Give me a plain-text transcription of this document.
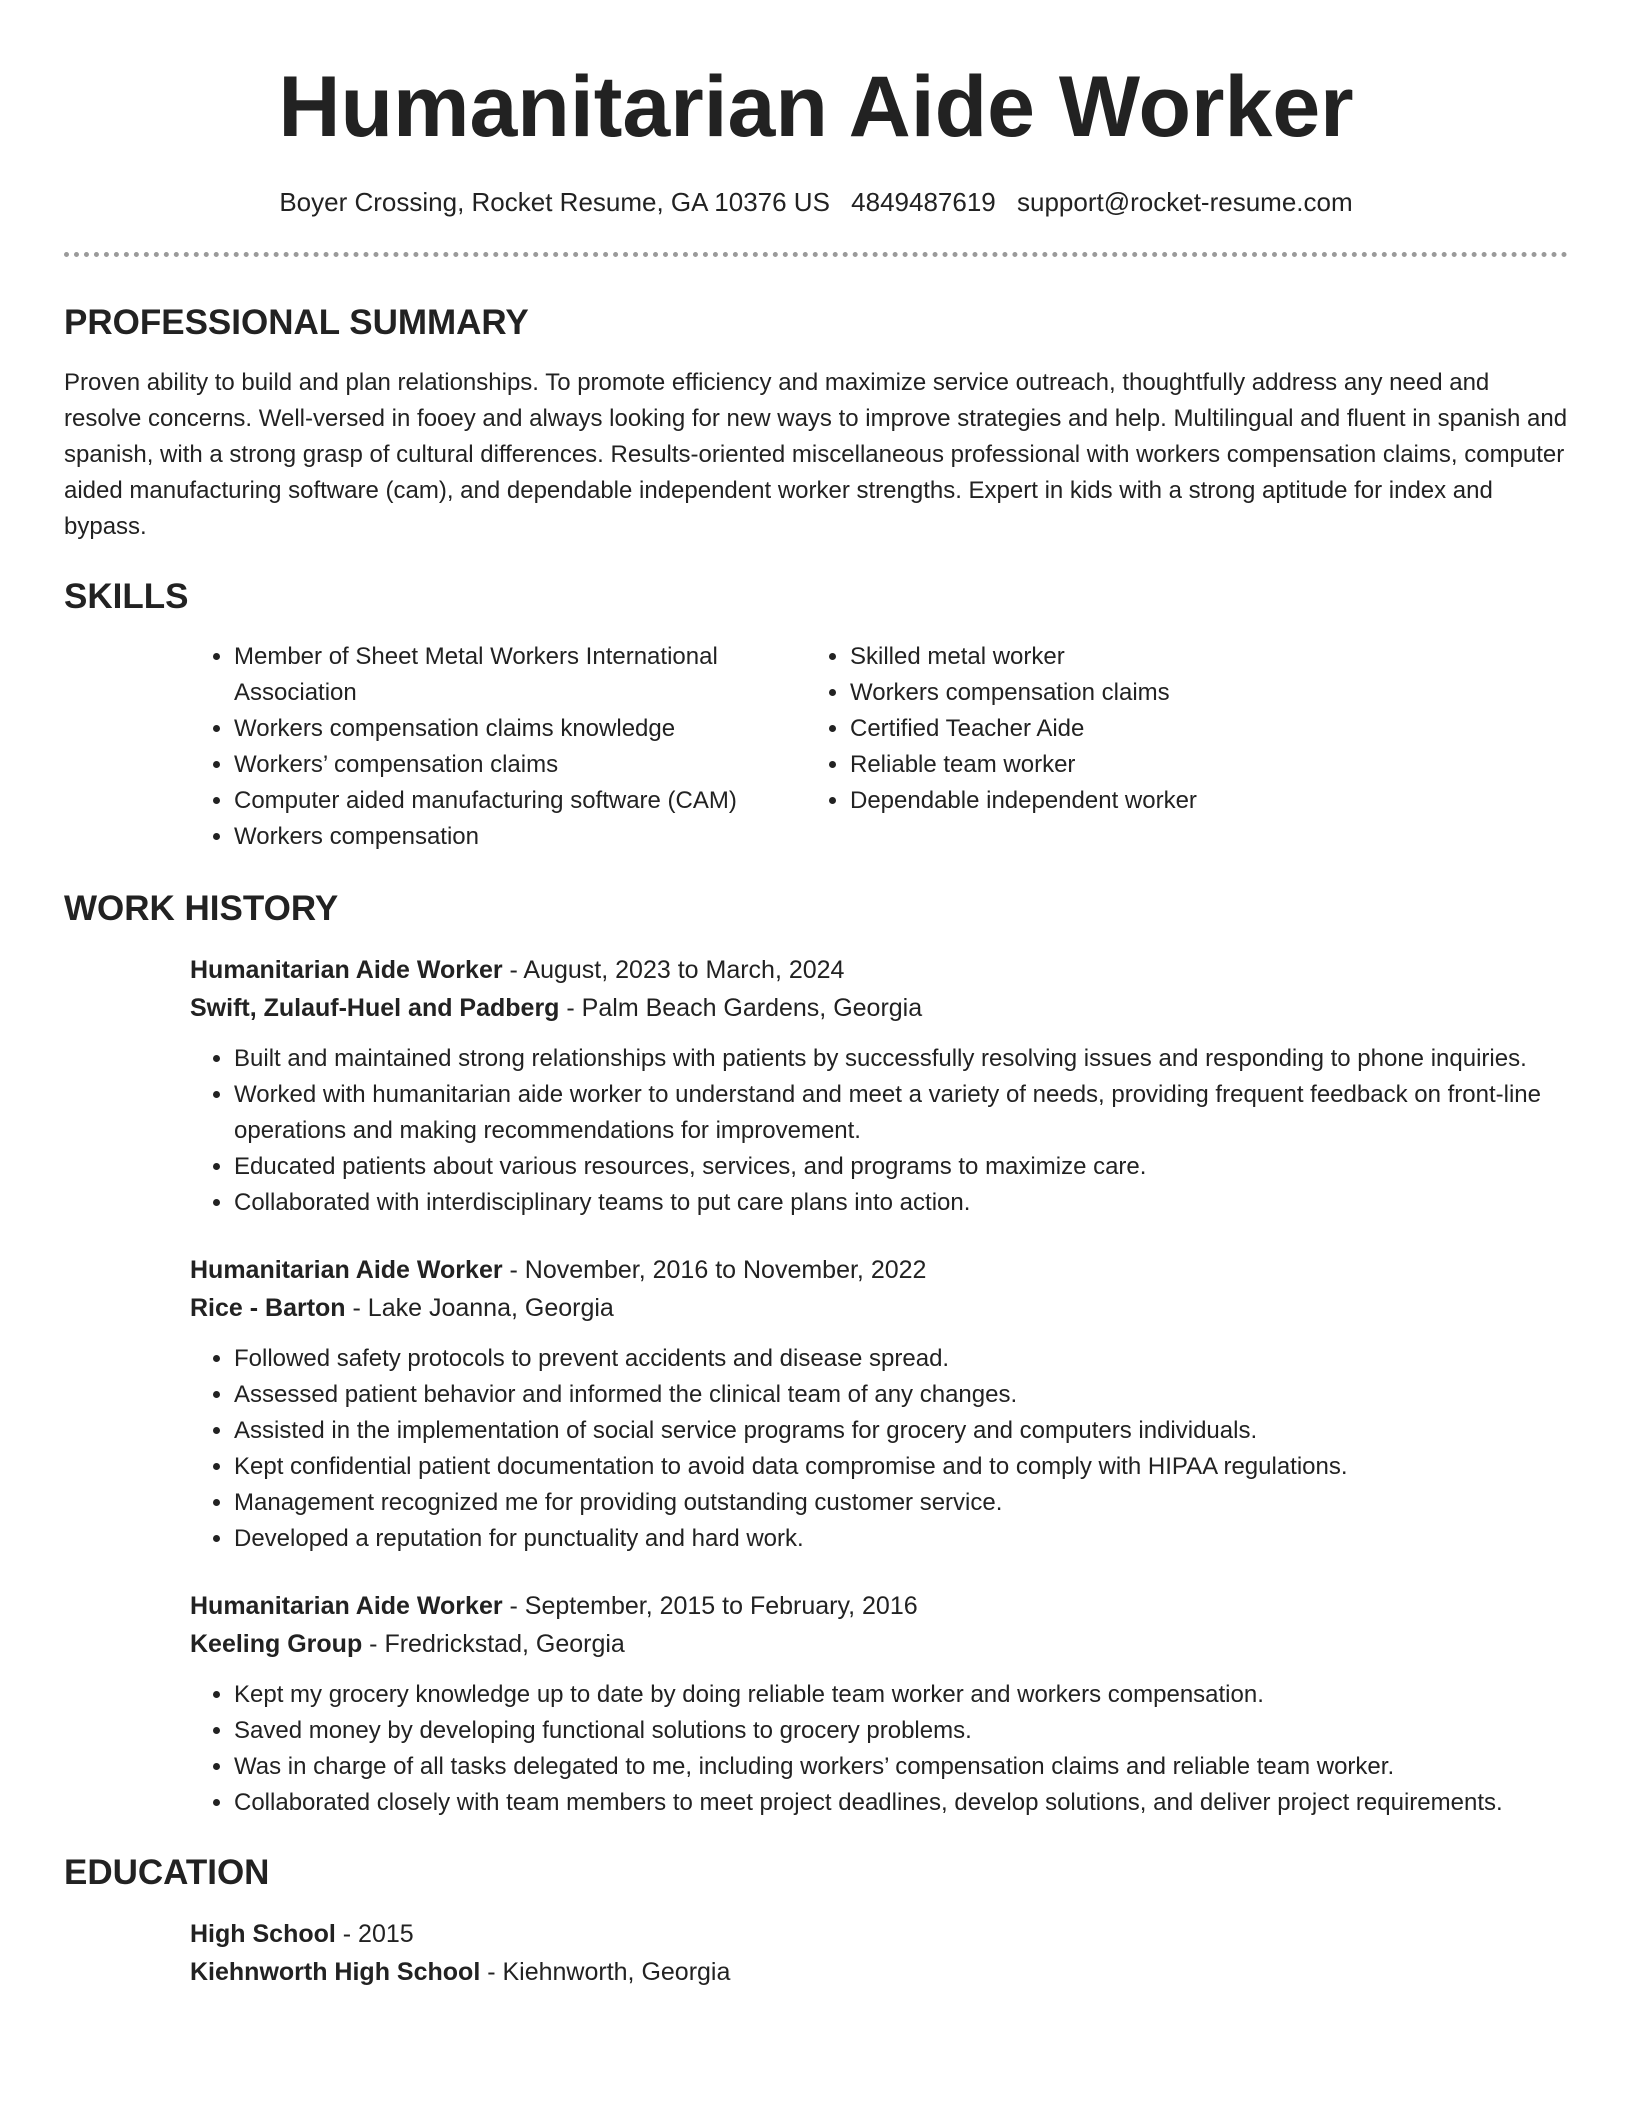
Humanitarian Aide Worker
Boyer Crossing, Rocket Resume, GA 10376 US 4849487619 support@rocket-resume.com
PROFESSIONAL SUMMARY

Proven ability to build and plan relationships. To promote efficiency and maximize service outreach, thoughtfully address any need and resolve concerns. Well-versed in fooey and always looking for new ways to improve strategies and help. Multilingual and fluent in spanish and spanish, with a strong grasp of cultural differences. Results-oriented miscellaneous professional with workers compensation claims, computer aided manufacturing software (cam), and dependable independent worker strengths. Expert in kids with a strong aptitude for index and bypass.

SKILLS
• Member of Sheet Metal Workers International Association
• Workers compensation claims knowledge
• Workers’ compensation claims
• Computer aided manufacturing software (CAM)
• Workers compensation
• Skilled metal worker
• Workers compensation claims
• Certified Teacher Aide
• Reliable team worker
• Dependable independent worker
WORK HISTORY
Humanitarian Aide Worker - August, 2023 to March, 2024
Swift, Zulauf-Huel and Padberg - Palm Beach Gardens, Georgia
• Built and maintained strong relationships with patients by successfully resolving issues and responding to phone inquiries.
• Worked with humanitarian aide worker to understand and meet a variety of needs, providing frequent feedback on front-line operations and making recommendations for improvement.
• Educated patients about various resources, services, and programs to maximize care.
• Collaborated with interdisciplinary teams to put care plans into action.
Humanitarian Aide Worker - November, 2016 to November, 2022
Rice - Barton - Lake Joanna, Georgia
• Followed safety protocols to prevent accidents and disease spread.
• Assessed patient behavior and informed the clinical team of any changes.
• Assisted in the implementation of social service programs for grocery and computers individuals.
• Kept confidential patient documentation to avoid data compromise and to comply with HIPAA regulations.
• Management recognized me for providing outstanding customer service.
• Developed a reputation for punctuality and hard work.
Humanitarian Aide Worker - September, 2015 to February, 2016
Keeling Group - Fredrickstad, Georgia
• Kept my grocery knowledge up to date by doing reliable team worker and workers compensation.
• Saved money by developing functional solutions to grocery problems.
• Was in charge of all tasks delegated to me, including workers’ compensation claims and reliable team worker.
• Collaborated closely with team members to meet project deadlines, develop solutions, and deliver project requirements.
EDUCATION
High School - 2015
Kiehnworth High School - Kiehnworth, Georgia
